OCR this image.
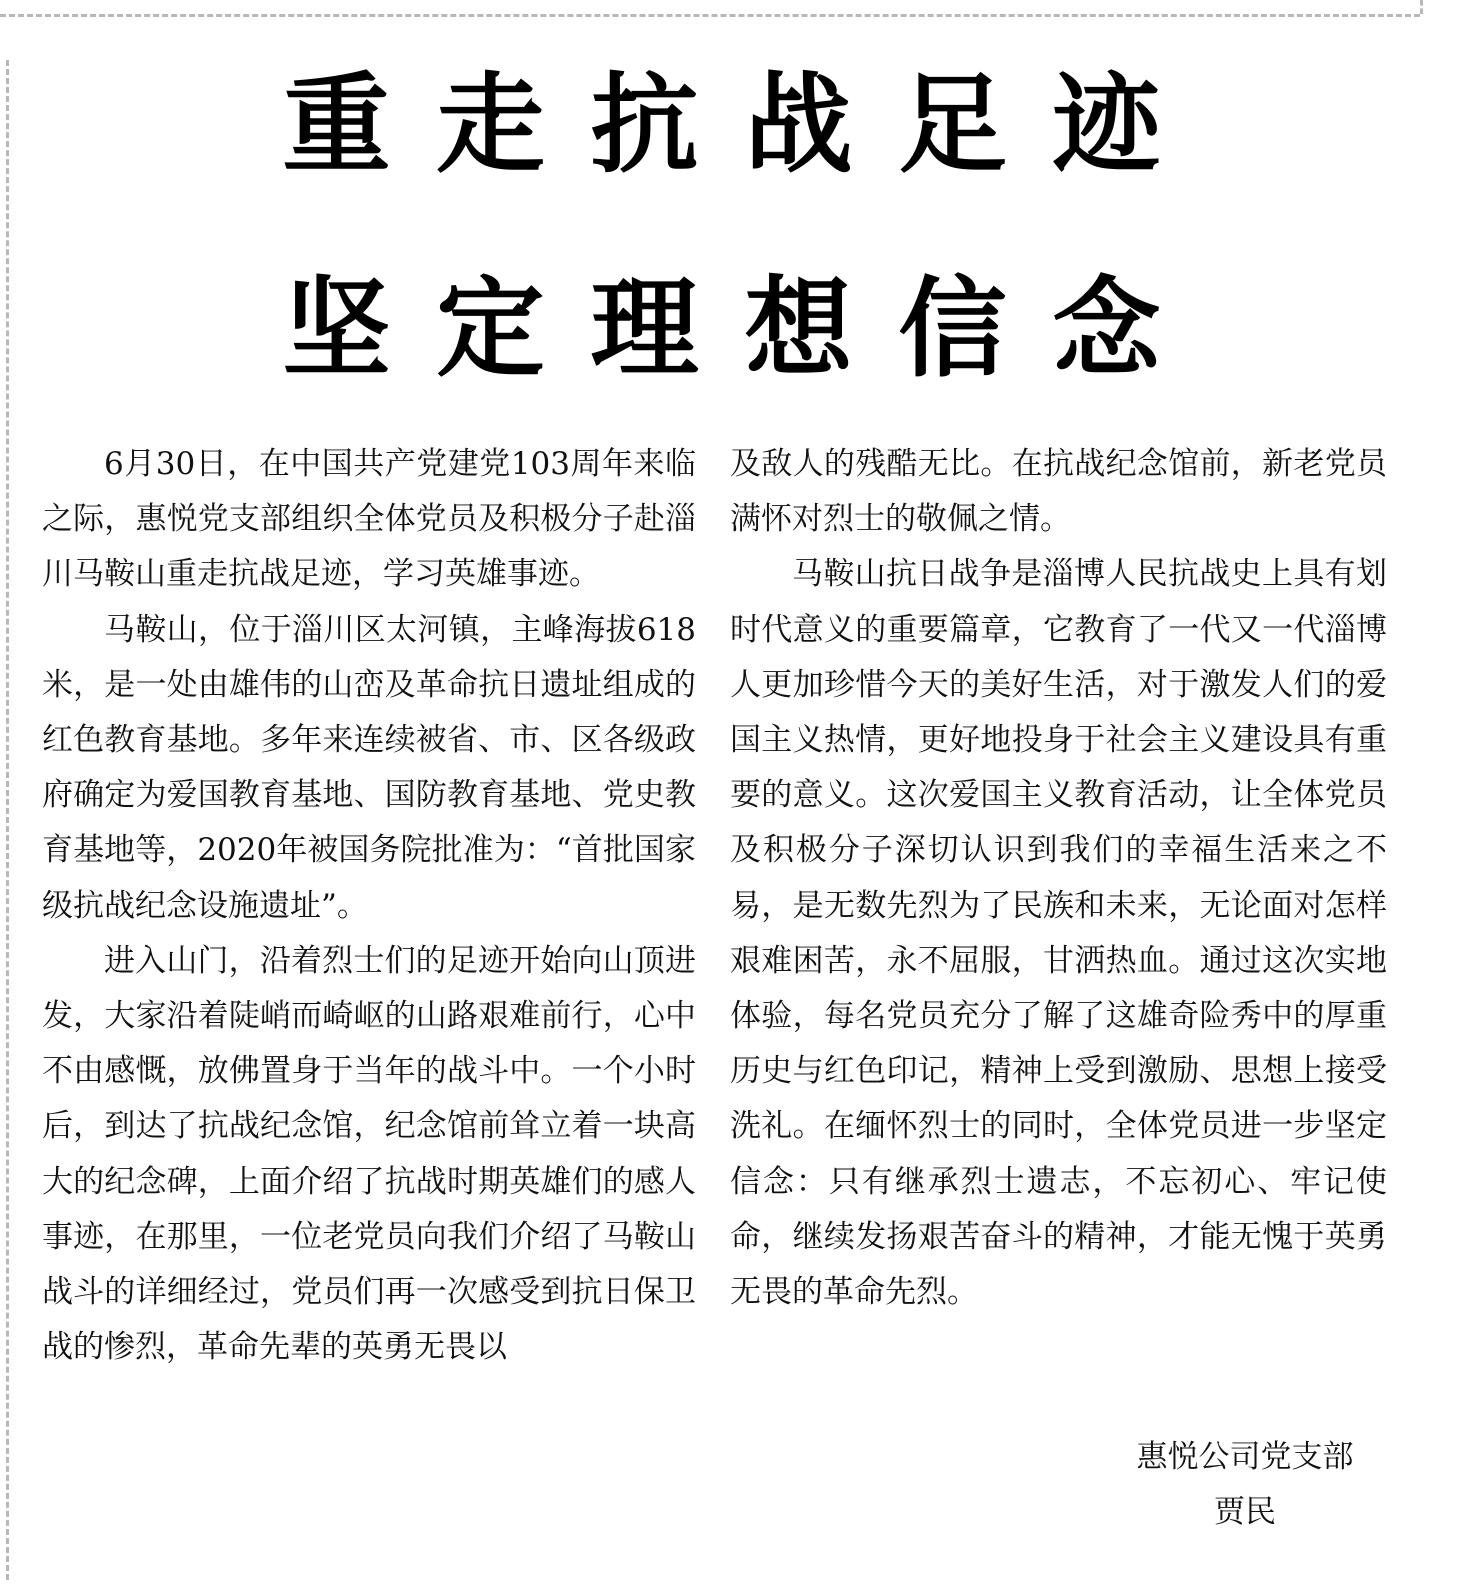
重走抗战足迹
坚定理想信念

6月30日，在中国共产党建党103周年来临之际，惠悦党支部组织全体党员及积极分子赴淄川马鞍山重走抗战足迹，学习英雄事迹。

马鞍山，位于淄川区太河镇，主峰海拔618米，是一处由雄伟的山峦及革命抗日遗址组成的红色教育基地。多年来连续被省、市、区各级政府确定为爱国教育基地、国防教育基地、党史教育基地等，2020年被国务院批准为：“首批国家级抗战纪念设施遗址”。

进入山门，沿着烈士们的足迹开始向山顶进发，大家沿着陡峭而崎岖的山路艰难前行，心中不由感慨，放佛置身于当年的战斗中。一个小时后，到达了抗战纪念馆，纪念馆前耸立着一块高大的纪念碑，上面介绍了抗战时期英雄们的感人事迹，在那里，一位老党员向我们介绍了马鞍山战斗的详细经过，党员们再一次感受到抗日保卫战的惨烈，革命先辈的英勇无畏以

及敌人的残酷无比。在抗战纪念馆前，新老党员满怀对烈士的敬佩之情。

马鞍山抗日战争是淄博人民抗战史上具有划时代意义的重要篇章，它教育了一代又一代淄博人更加珍惜今天的美好生活，对于激发人们的爱国主义热情，更好地投身于社会主义建设具有重要的意义。这次爱国主义教育活动，让全体党员及积极分子深切认识到我们的幸福生活来之不易，是无数先烈为了民族和未来，无论面对怎样艰难困苦，永不屈服，甘洒热血。通过这次实地体验，每名党员充分了解了这雄奇险秀中的厚重历史与红色印记，精神上受到激励、思想上接受洗礼。在缅怀烈士的同时，全体党员进一步坚定信念：只有继承烈士遗志，不忘初心、牢记使命，继续发扬艰苦奋斗的精神，才能无愧于英勇无畏的革命先烈。

惠悦公司党支部
贾民
